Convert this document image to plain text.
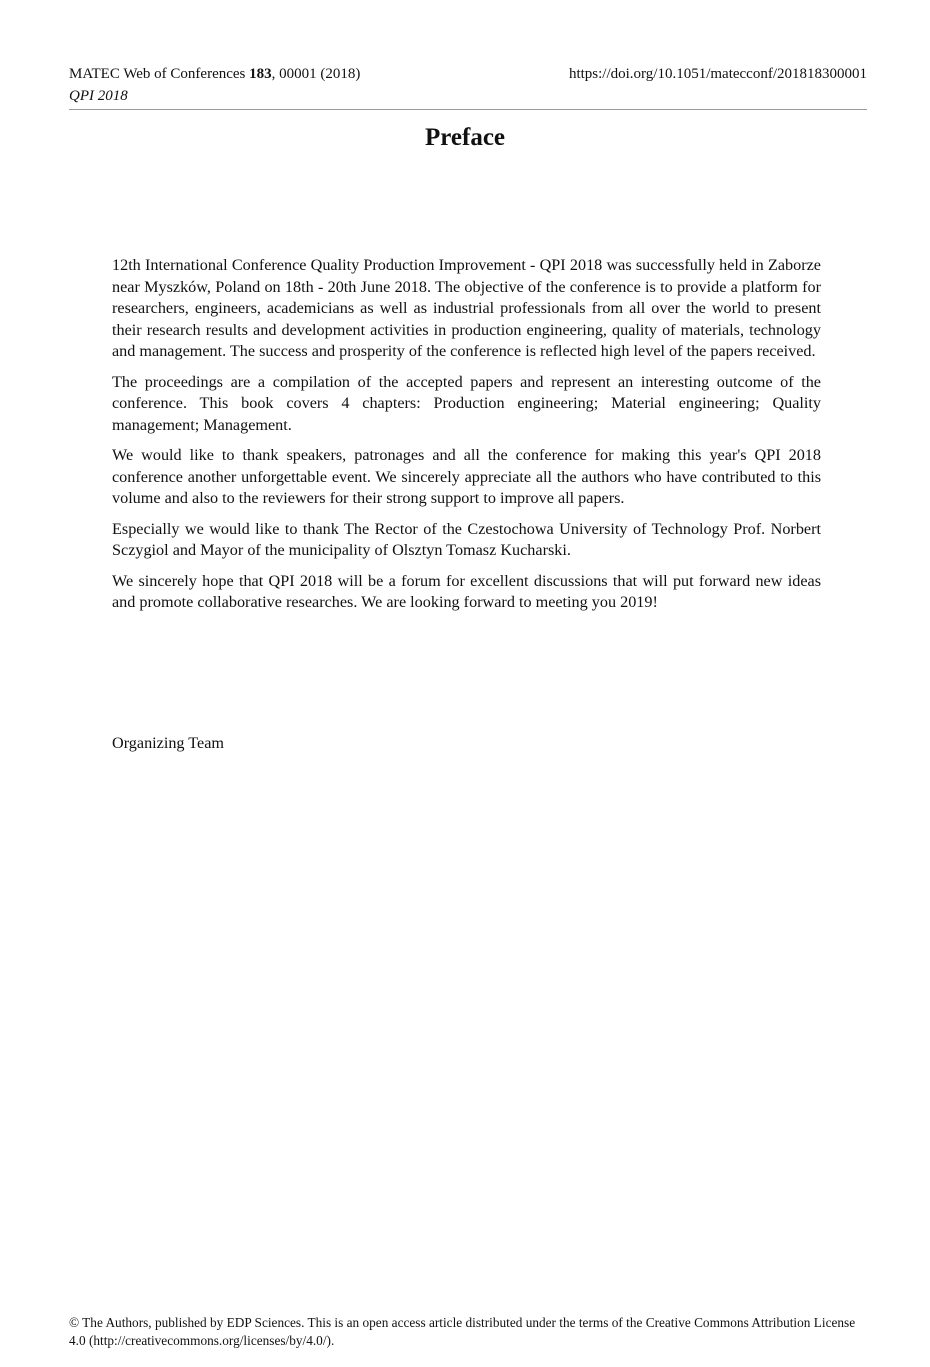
MATEC Web of Conferences 183, 00001 (2018)	https://doi.org/10.1051/matecconf/201818300001
QPI 2018
Preface

12th International Conference Quality Production Improvement - QPI 2018 was successfully held in Zaborze near Myszków, Poland on 18th - 20th June 2018. The objective of the conference is to provide a platform for researchers, engineers, academicians as well as industrial professionals from all over the world to present their research results and development activities in production engineering, quality of materials, technology and management. The success and prosperity of the conference is reflected high level of the papers received.

The proceedings are a compilation of the accepted papers and represent an interesting outcome of the conference. This book covers 4 chapters: Production engineering; Material engineering; Quality management; Management.

We would like to thank speakers, patronages and all the conference for making this year's QPI 2018 conference another unforgettable event. We sincerely appreciate all the authors who have contributed to this volume and also to the reviewers for their strong support to improve all papers.

Especially we would like to thank The Rector of the Czestochowa University of Technology Prof. Norbert Sczygiol and Mayor of the municipality of Olsztyn Tomasz Kucharski.

We sincerely hope that QPI 2018 will be a forum for excellent discussions that will put forward new ideas and promote collaborative researches. We are looking forward to meeting you 2019!

Organizing Team
© The Authors, published by EDP Sciences. This is an open access article distributed under the terms of the Creative Commons Attribution License 4.0 (http://creativecommons.org/licenses/by/4.0/).
